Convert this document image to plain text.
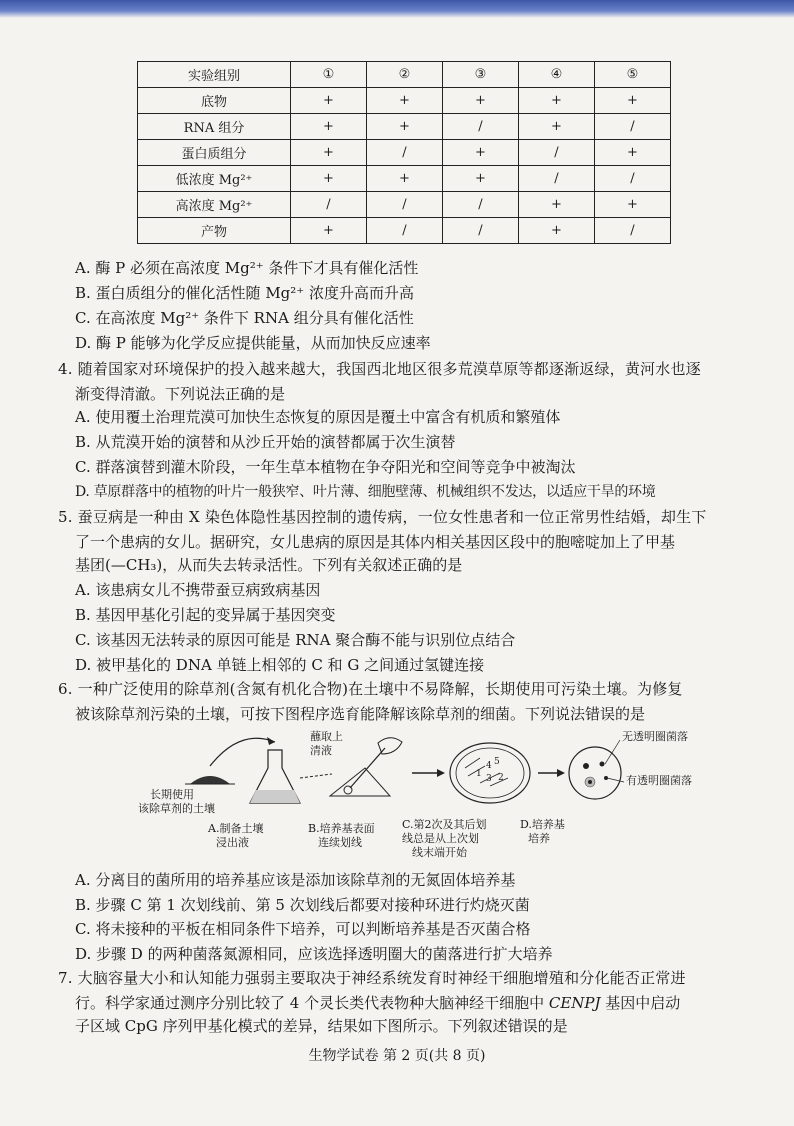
实验组别	①	②	③	④	⑤
底物	+	+	+	+	+
RNA 组分	+	+	/	+	/
蛋白质组分	+	/	+	/	+
低浓度 Mg²⁺	+	+	+	/	/
高浓度 Mg²⁺	/	/	/	+	+
产物	+	/	/	+	/
A. 酶 P 必须在高浓度 Mg²⁺ 条件下才具有催化活性
B. 蛋白质组分的催化活性随 Mg²⁺ 浓度升高而升高
C. 在高浓度 Mg²⁺ 条件下 RNA 组分具有催化活性
D. 酶 P 能够为化学反应提供能量，从而加快反应速率
4. 随着国家对环境保护的投入越来越大，我国西北地区很多荒漠草原等都逐渐返绿，黄河水也逐
渐变得清澈。下列说法正确的是
A. 使用覆土治理荒漠可加快生态恢复的原因是覆土中富含有机质和繁殖体
B. 从荒漠开始的演替和从沙丘开始的演替都属于次生演替
C. 群落演替到灌木阶段，一年生草本植物在争夺阳光和空间等竞争中被淘汰
D. 草原群落中的植物的叶片一般狭窄、叶片薄、细胞壁薄、机械组织不发达，以适应干旱的环境
5. 蚕豆病是一种由 X 染色体隐性基因控制的遗传病，一位女性患者和一位正常男性结婚，却生下
了一个患病的女儿。据研究，女儿患病的原因是其体内相关基因区段中的胞嘧啶加上了甲基
基团(—CH₃)，从而失去转录活性。下列有关叙述正确的是
A. 该患病女儿不携带蚕豆病致病基因
B. 基因甲基化引起的变异属于基因突变
C. 该基因无法转录的原因可能是 RNA 聚合酶不能与识别位点结合
D. 被甲基化的 DNA 单链上相邻的 C 和 G 之间通过氢键连接
6. 一种广泛使用的除草剂(含氮有机化合物)在土壤中不易降解，长期使用可污染土壤。为修复
被该除草剂污染的土壤，可按下图程序选育能降解该除草剂的细菌。下列说法错误的是
4 5
3 2
1
长期使用
该除草剂的土壤
蘸取上
清液
无透明圈菌落
有透明圈菌落
A.制备土壤
浸出液
B.培养基表面
连续划线
C.第2次及其后划
线总是从上次划
线末端开始
D.培养基
培养
A. 分离目的菌所用的培养基应该是添加该除草剂的无氮固体培养基
B. 步骤 C 第 1 次划线前、第 5 次划线后都要对接种环进行灼烧灭菌
C. 将未接种的平板在相同条件下培养，可以判断培养基是否灭菌合格
D. 步骤 D 的两种菌落氮源相同，应该选择透明圈大的菌落进行扩大培养
7. 大脑容量大小和认知能力强弱主要取决于神经系统发育时神经干细胞增殖和分化能否正常进
行。科学家通过测序分别比较了 4 个灵长类代表物种大脑神经干细胞中 CENPJ 基因中启动
子区域 CpG 序列甲基化模式的差异，结果如下图所示。下列叙述错误的是
生物学试卷 第 2 页(共 8 页)
